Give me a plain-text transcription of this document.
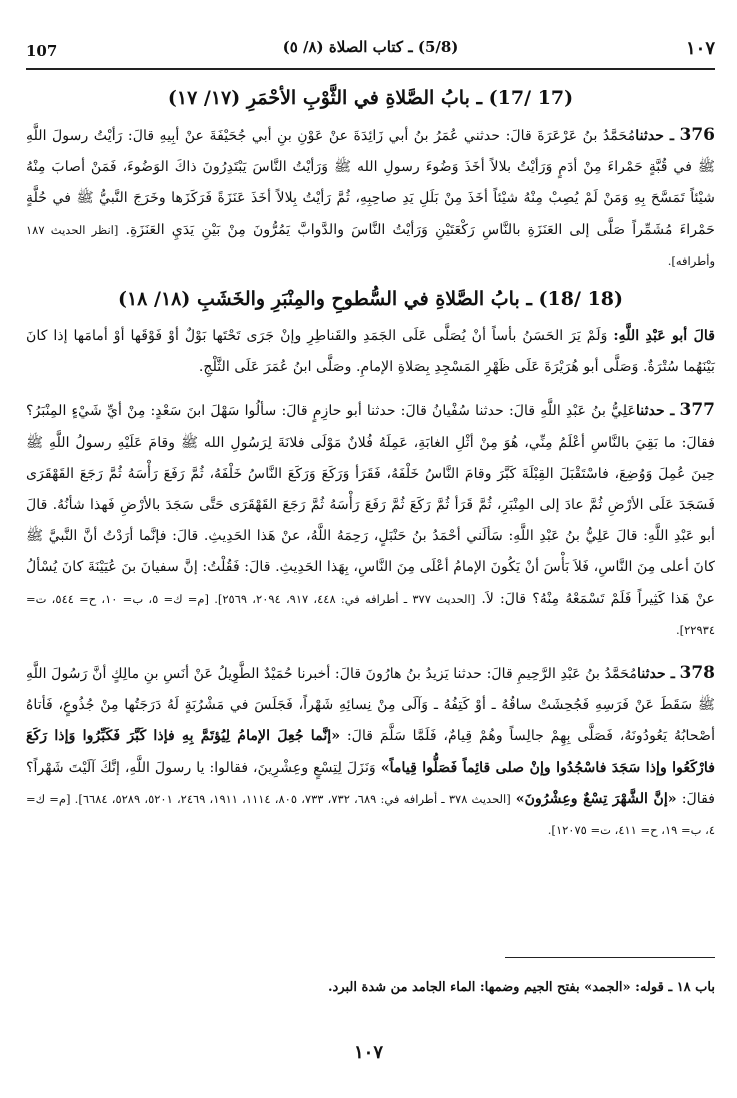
107	(5/8) ـ كتاب الصلاة (٨/ ٥)	١٠٧
(17 /17) ـ بابُ الصَّلاةِ في الثَّوْبِ الأحْمَرِ (١٧/ ١٧)

376 ـ حدثنامُحَمَّدُ بنُ عَرْعَرَةَ قالَ: حدثني عُمَرُ بنُ أبي زَائِدَةَ عنْ عَوْنِ بنِ أبي جُحَيْفَةَ عنْ أبِيهِ قالَ: رَأيْتُ رسولَ اللَّهِ ﷺ في قُبَّةٍ حَمْراءَ مِنْ أدَمٍ وَرَأيْتُ بلالاً أخَذَ وَضُوءَ رسولِ الله ﷺ وَرَأيْتُ النَّاسَ يَبْتَدِرُونَ ذاكَ الوَضُوءَ، فَمَنْ أصابَ مِنْهُ شيْئاً تَمَسَّحَ بِهِ وَمَنْ لَمْ يُصِبْ مِنْهُ شيْئاً أخَذَ مِنْ بَلَلِ يَدِ صاحِبِهِ، ثُمَّ رَأيْتُ بِلالاً أخَذَ عَنَزَةً فَرَكَزَها وخَرَجَ النَّبيُّ ﷺ في حُلَّةٍ حَمْراءَ مُشَمِّراً صَلَّى إلى العَنَزَةِ بالنَّاسِ رَكْعَتَيْنِ وَرَأيْتُ النَّاسَ والدَّوابَّ يَمُرُّونَ مِنْ بَيْنِ يَدَيِ العَنَزَةِ. [انظر الحديث ١٨٧ وأطرافه].

(18 /18) ـ بابُ الصَّلاةِ في السُّطوحِ والمِنْبَرِ والخَشَبِ (١٨/ ١٨)

قالَ أبو عَبْدِ اللَّهِ: وَلَمْ يَرَ الحَسَنُ بأساً أنْ يُصَلَّى عَلَى الجَمَدِ والقَناطِرِ وإنْ جَرَى تَحْتَها بَوْلٌ أوْ فَوْقَها أوْ أمامَها إذا كانَ بَيْنَهُما سُتْرَةٌ. وَصَلَّى أبو هُرَيْرَةَ عَلَى ظَهْرِ المَسْجِدِ بِصَلاةِ الإمامِ. وصَلَّى ابنُ عُمَرَ عَلَى الثَّلْجِ.

377 ـ حدثناعَلِيُّ بنُ عَبْدِ اللَّهِ قالَ: حدثنا سُفْيانُ قالَ: حدثنا أبو حازِمٍ قالَ: سألُوا سَهْلَ ابنَ سَعْدٍ: مِنْ أيِّ شَيْءٍ المِنْبَرُ؟ فقالَ: ما بَقِيَ بالنَّاسِ أعْلَمُ مِنِّي، هُوَ مِنْ أثْلِ الغابَةِ، عَمِلَهُ فُلانٌ مَوْلَى فلانَةَ لِرَسُولِ الله ﷺ وقامَ عَلَيْهِ رسولُ اللَّهِ ﷺ حِينَ عُمِلَ وَوُضِعَ، فاسْتَقْبَلَ القِبْلَةَ كَبَّرَ وقامَ النَّاسُ خَلْفَهُ، فَقَرَأ وَرَكَعَ وَرَكَعَ النَّاسُ خَلْفَهُ، ثُمَّ رَفَعَ رَأْسَهُ ثُمَّ رَجَعَ القَهْقَرَى فَسَجَدَ عَلَى الأرْضِ ثُمَّ عادَ إلى المِنْبَرِ، ثُمَّ قَرَأ ثُمَّ رَكَعَ ثُمَّ رَفَعَ رَأْسَهُ ثُمَّ رَجَعَ القَهْقَرَى حَتَّى سَجَدَ بالأرْضِ فَهذا شأنُهُ. قالَ أبو عَبْدِ اللَّهِ: قالَ عَلِيُّ بنُ عَبْدِ اللَّهِ: سَألَني أحْمَدُ بنُ حَنْبَلٍ، رَحِمَهُ اللَّهُ، عنْ هَذا الحَدِيثِ. قالَ: فإنَّما أرَدْتُ أنَّ النَّبيَّ ﷺ كانَ أعلى مِنَ النَّاسِ، فَلاَ بَأْسَ أنْ يَكُونَ الإمامُ أعْلَى مِنَ النَّاسِ، بِهَذا الحَدِيثِ. قالَ: فَقُلْتُ: إنَّ سفيانَ بنَ عُيَيْنَةَ كانَ يُسْألُ عنْ هَذا كَثِيراً فَلَمْ تَسْمَعْهُ مِنْهُ؟ قالَ: لاَ. [الحديث ٣٧٧ ـ أطرافه في: ٤٤٨، ٩١٧، ٢٠٩٤، ٢٥٦٩]. [م= ك= ٥، ب= ١٠، ح= ٥٤٤، ت= ٢٢٩٣٤].

378 ـ حدثنامُحَمَّدُ بنُ عَبْدِ الرَّحِيمِ قالَ: حدثنا يَزيدُ بنُ هارُونَ قالَ: أخبرنا حُمَيْدٌ الطَّوِيلُ عَنْ أنَسِ بنِ مالِكٍ أنَّ رَسُولَ اللَّهِ ﷺ سَقَطَ عَنْ فَرَسِهِ فَجُحِشَتْ ساقُهُ ـ أوْ كَتِفُهُ ـ وَآلَى مِنْ نِسائِهِ شَهْراً، فَجَلَسَ في مَشْرُبَةٍ لَهُ دَرَجَتُها مِنْ جُذُوعٍ، فَأتاهُ أصْحابُهُ يَعُودُونَهُ، فَصَلَّى بِهِمْ جالِساً وهُمْ قِيامٌ، فَلَمَّا سَلَّمَ قالَ: «إنَّما جُعِلَ الإمامُ لِيُؤتَمَّ بِهِ فإذا كَبَّرَ فَكَبِّرُوا وَإذا رَكَعَ فارْكَعُوا وإذا سَجَدَ فاسْجُدُوا وإنْ صلى قائِماً فَصَلُّوا قِياماً» وَنَزَلَ لِتِسْعٍ وعِشْرِينَ، فقالوا: يا رسولَ اللَّهِ، إنَّكَ آلَيْتَ شَهْراً؟ فقالَ: «إنَّ الشَّهْرَ تِسْعٌ وعِشْرُونَ» [الحديث ٣٧٨ ـ أطرافه في: ٦٨٩، ٧٣٢، ٧٣٣، ٨٠٥، ١١١٤، ١٩١١، ٢٤٦٩، ٥٢٠١، ٥٢٨٩، ٦٦٨٤]. [م= ك= ٤، ب= ١٩، ح= ٤١١، ت= ١٢٠٧٥].

باب ١٨ ـ قوله: «الجمد» بفتح الجيم وضمها: الماء الجامد من شدة البرد.
١٠٧
